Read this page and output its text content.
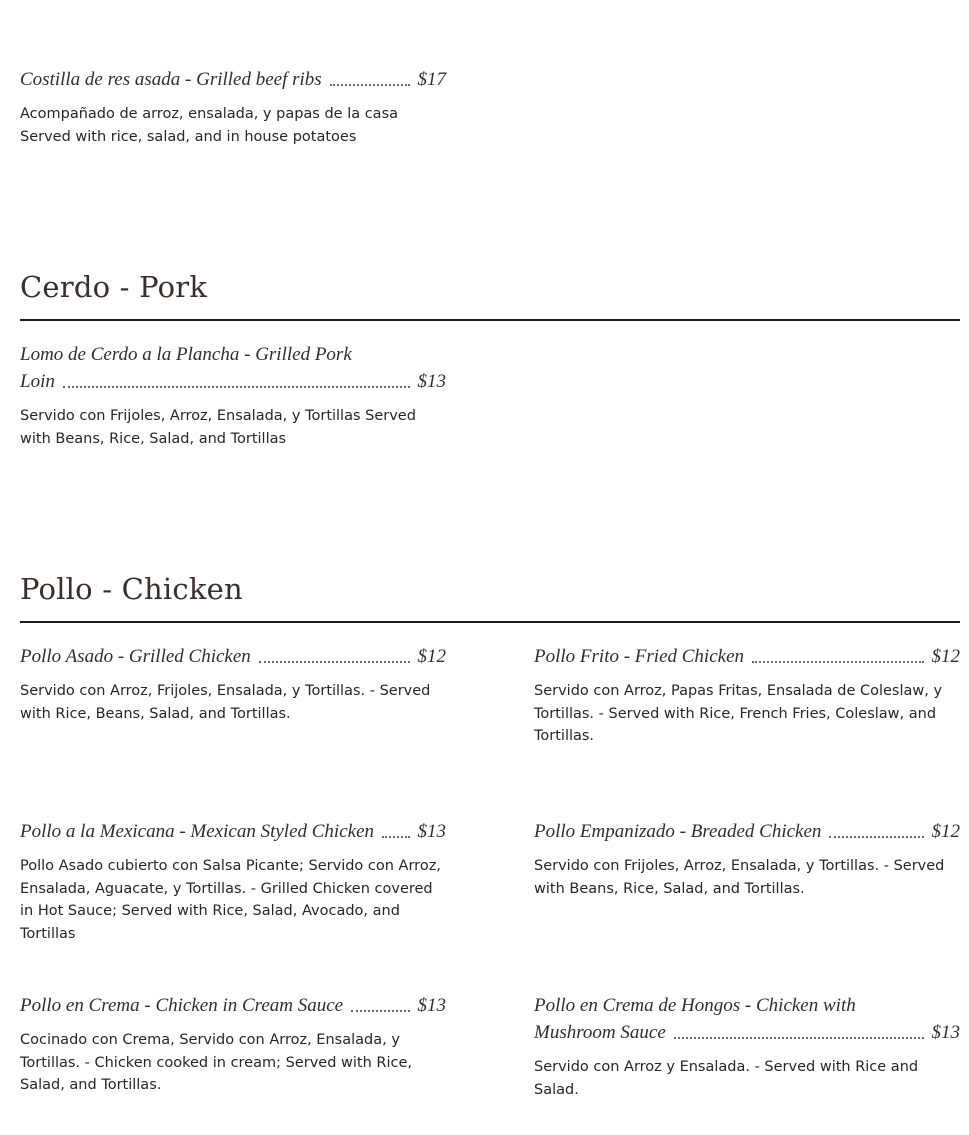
Costilla de res asada - Grilled beef ribs	$17
Acompañado de arroz, ensalada, y papas de la casa Served with rice, salad, and in house potatoes
Cerdo - Pork
Lomo de Cerdo a la Plancha - Grilled Pork
Loin	$13
Servido con Frijoles, Arroz, Ensalada, y Tortillas Served with Beans, Rice, Salad, and Tortillas
Pollo - Chicken
Pollo Asado - Grilled Chicken	$12
Servido con Arroz, Frijoles, Ensalada, y Tortillas. - Served with Rice, Beans, Salad, and Tortillas.
Pollo Frito - Fried Chicken	$12
Servido con Arroz, Papas Fritas, Ensalada de Coleslaw, y Tortillas. - Served with Rice, French Fries, Coleslaw, and Tortillas.
Pollo a la Mexicana - Mexican Styled Chicken $13
Pollo Asado cubierto con Salsa Picante; Servido con Arroz, Ensalada, Aguacate, y Tortillas. - Grilled Chicken covered in Hot Sauce; Served with Rice, Salad, Avocado, and Tortillas
Pollo Empanizado - Breaded Chicken	$12
Servido con Frijoles, Arroz, Ensalada, y Tortillas. - Served with Beans, Rice, Salad, and Tortillas.
Pollo en Crema - Chicken in Cream Sauce	$13
Cocinado con Crema, Servido con Arroz, Ensalada, y Tortillas. - Chicken cooked in cream; Served with Rice, Salad, and Tortillas.
Pollo en Crema de Hongos - Chicken with
Mushroom Sauce	$13
Servido con Arroz y Ensalada. - Served with Rice and Salad.
